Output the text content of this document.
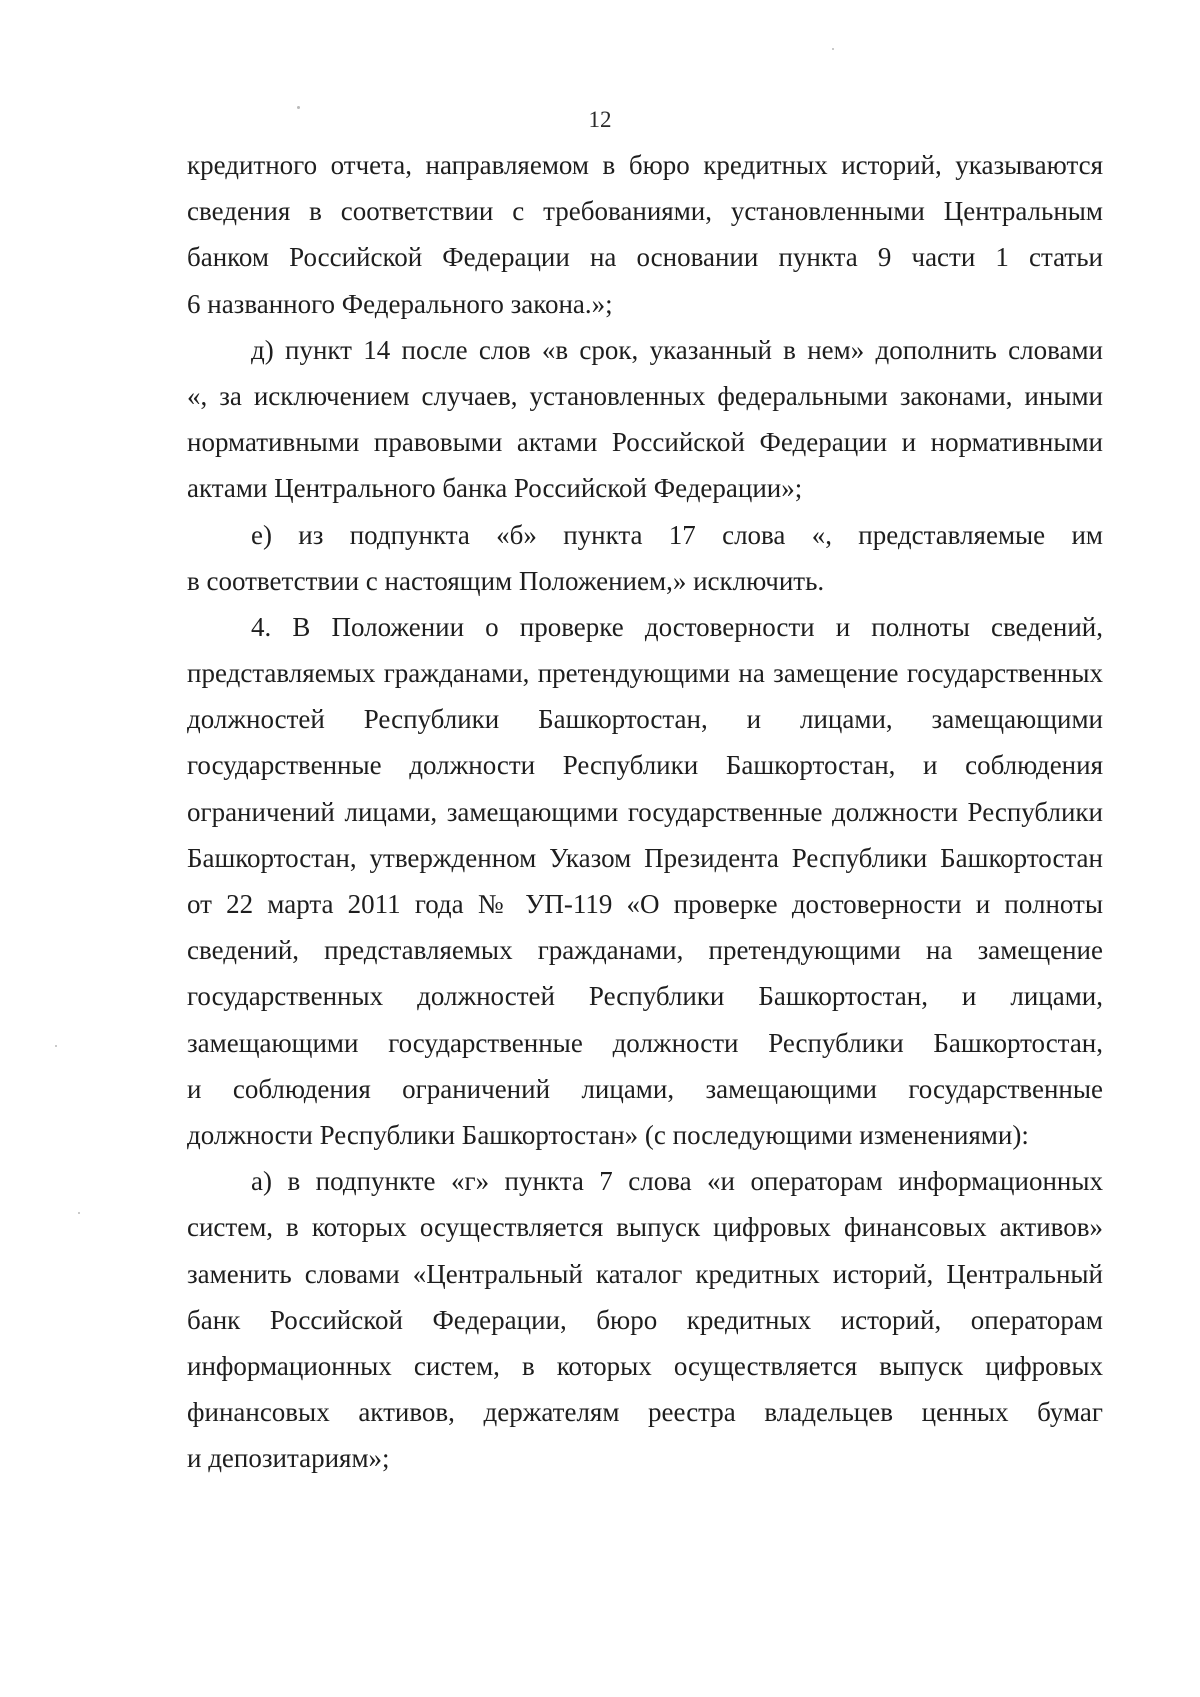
12
кредитного отчета, направляемом в бюро кредитных историй, указываются
сведения в соответствии с требованиями, установленными Центральным
банком Российской Федерации на основании пункта 9 части 1 статьи
6 названного Федерального закона.»;
д) пункт 14 после слов «в срок, указанный в нем» дополнить словами
«, за исключением случаев, установленных федеральными законами, иными
нормативными правовыми актами Российской Федерации и нормативными
актами Центрального банка Российской Федерации»;
е) из подпункта «б» пункта 17 слова «, представляемые им
в соответствии с настоящим Положением,» исключить.
4. В Положении о проверке достоверности и полноты сведений,
представляемых гражданами, претендующими на замещение государственных
должностей Республики Башкортостан, и лицами, замещающими
государственные должности Республики Башкортостан, и соблюдения
ограничений лицами, замещающими государственные должности Республики
Башкортостан, утвержденном Указом Президента Республики Башкортостан
от 22 марта 2011 года № УП-119 «О проверке достоверности и полноты
сведений, представляемых гражданами, претендующими на замещение
государственных должностей Республики Башкортостан, и лицами,
замещающими государственные должности Республики Башкортостан,
и соблюдения ограничений лицами, замещающими государственные
должности Республики Башкортостан» (с последующими изменениями):
а) в подпункте «г» пункта 7 слова «и операторам информационных
систем, в которых осуществляется выпуск цифровых финансовых активов»
заменить словами «Центральный каталог кредитных историй, Центральный
банк Российской Федерации, бюро кредитных историй, операторам
информационных систем, в которых осуществляется выпуск цифровых
финансовых активов, держателям реестра владельцев ценных бумаг
и депозитариям»;
